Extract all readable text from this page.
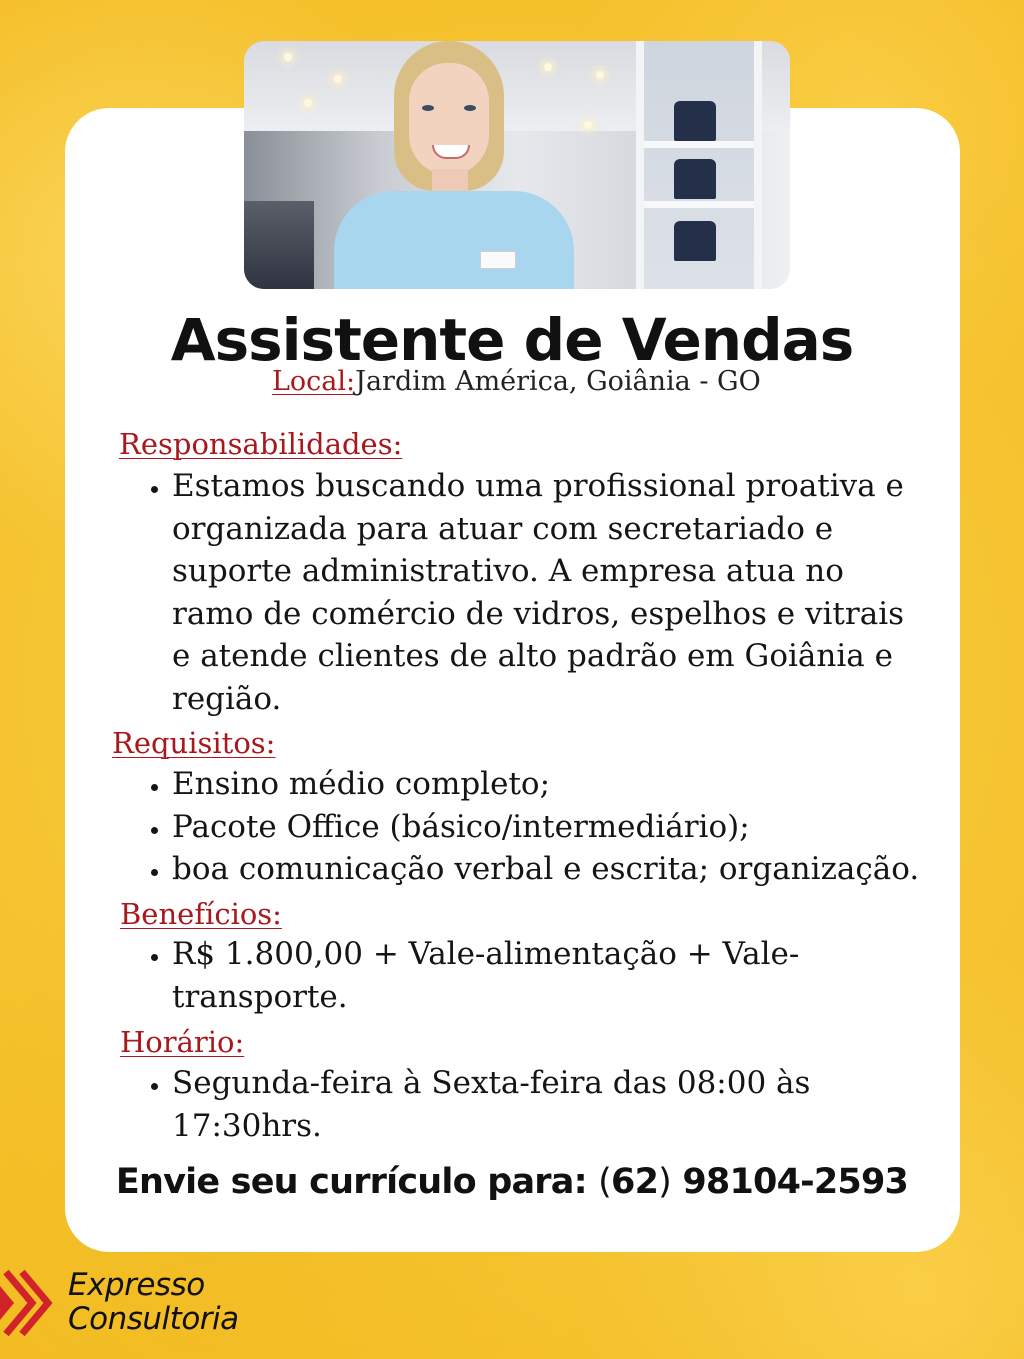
Assistente de Vendas
Local:Jardim América, Goiânia - GO
Responsabilidades:
• Estamos buscando uma profissional proativa e organizada para atuar com secretariado e suporte administrativo. A empresa atua no ramo de comércio de vidros, espelhos e vitrais e atende clientes de alto padrão em Goiânia e região.
Requisitos:
• Ensino médio completo;
• Pacote Office (básico/intermediário);
• boa comunicação verbal e escrita; organização.
Benefícios:
• R$ 1.800,00 + Vale-alimentação + Vale-transporte.
Horário:
• Segunda-feira à Sexta-feira das 08:00 às 17:30hrs.
Envie seu currículo para: (62) 98104-2593
Expresso
Consultoria
